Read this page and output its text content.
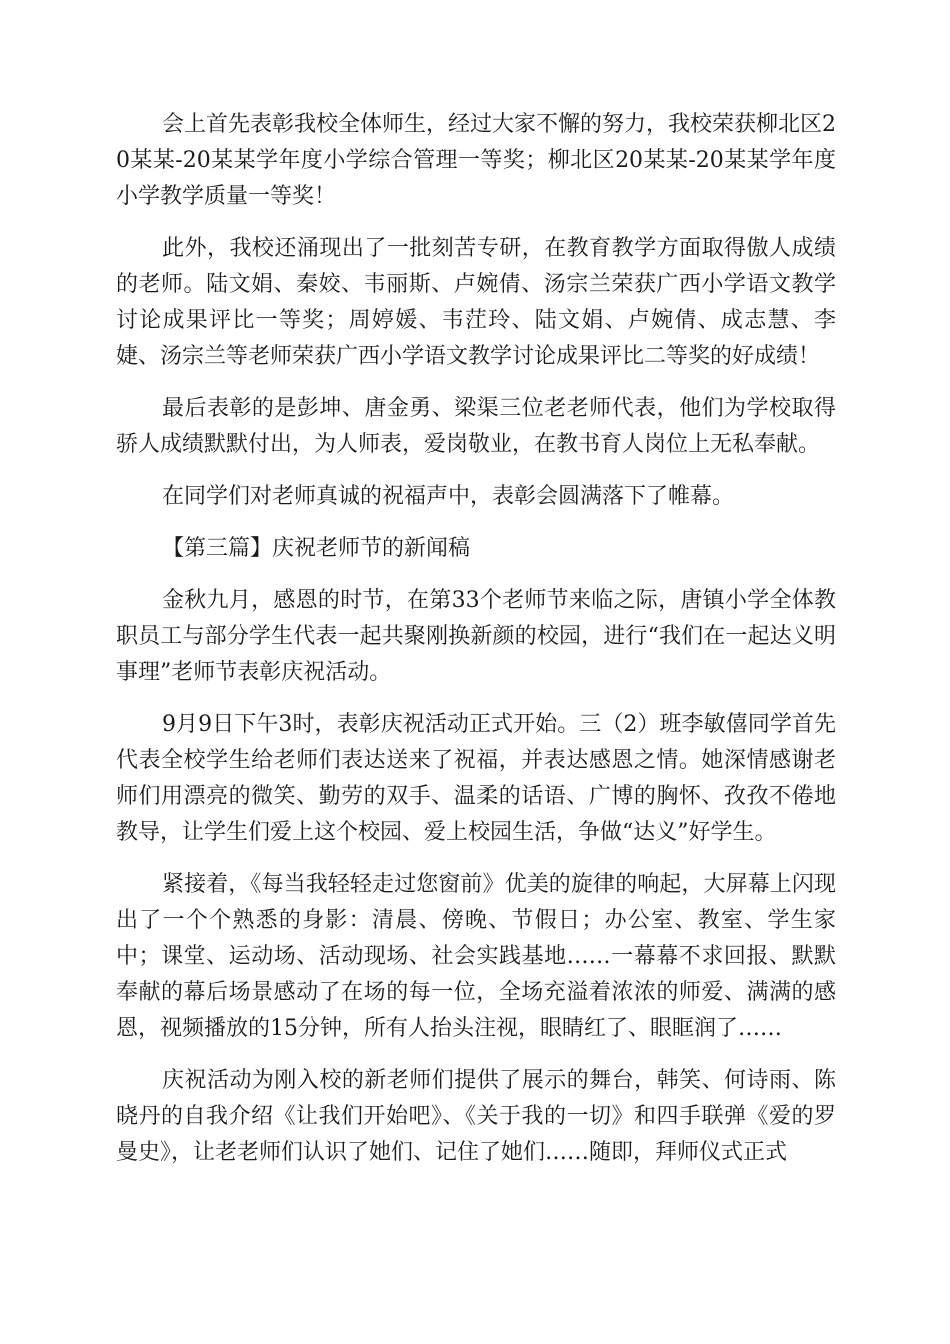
会上首先表彰我校全体师生，经过大家不懈的努力，我校荣获柳北区20某某-20某某学年度小学综合管理一等奖；柳北区20某某-20某某学年度小学教学质量一等奖！

此外，我校还涌现出了一批刻苦专研，在教育教学方面取得傲人成绩的老师。陆文娟、秦姣、韦丽斯、卢婉倩、汤宗兰荣获广西小学语文教学讨论成果评比一等奖；周婷媛、韦茳玲、陆文娟、卢婉倩、成志慧、李婕、汤宗兰等老师荣获广西小学语文教学讨论成果评比二等奖的好成绩！

最后表彰的是彭坤、唐金勇、梁渠三位老老师代表，他们为学校取得骄人成绩默默付出，为人师表，爱岗敬业，在教书育人岗位上无私奉献。

在同学们对老师真诚的祝福声中，表彰会圆满落下了帷幕。

【第三篇】庆祝老师节的新闻稿

金秋九月，感恩的时节，在第33个老师节来临之际，唐镇小学全体教职员工与部分学生代表一起共聚刚换新颜的校园，进行“我们在一起达义明事理”老师节表彰庆祝活动。

9月9日下午3时，表彰庆祝活动正式开始。三（2）班李敏僖同学首先代表全校学生给老师们表达送来了祝福，并表达感恩之情。她深情感谢老师们用漂亮的微笑、勤劳的双手、温柔的话语、广博的胸怀、孜孜不倦地教导，让学生们爱上这个校园、爱上校园生活，争做“达义”好学生。

紧接着，《每当我轻轻走过您窗前》优美的旋律的响起，大屏幕上闪现出了一个个熟悉的身影：清晨、傍晚、节假日；办公室、教室、学生家中；课堂、运动场、活动现场、社会实践基地……一幕幕不求回报、默默奉献的幕后场景感动了在场的每一位，全场充溢着浓浓的师爱、满满的感恩，视频播放的15分钟，所有人抬头注视，眼睛红了、眼眶润了……

庆祝活动为刚入校的新老师们提供了展示的舞台，韩笑、何诗雨、陈晓丹的自我介绍《让我们开始吧》、《关于我的一切》和四手联弹《爱的罗曼史》，让老老师们认识了她们、记住了她们……随即，拜师仪式正式
